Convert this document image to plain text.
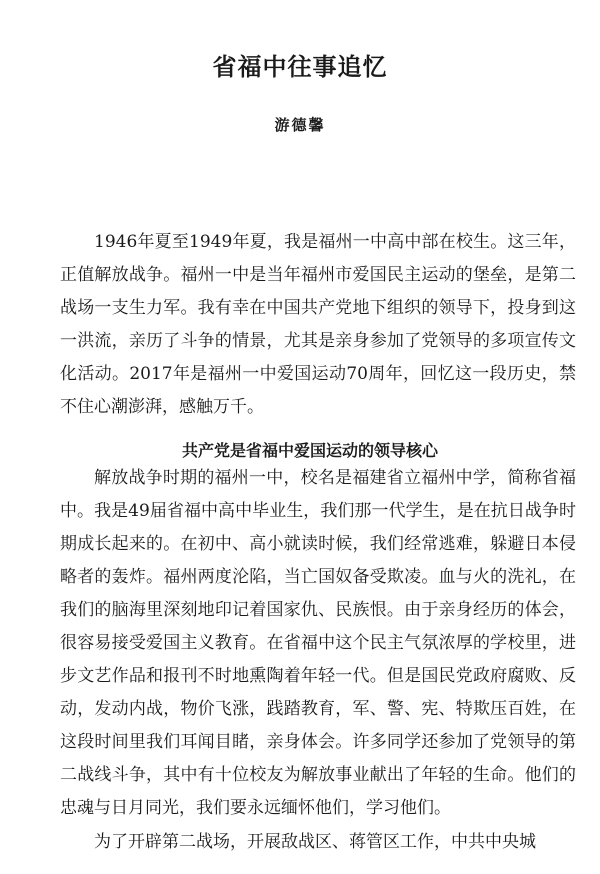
省福中往事追忆
游德馨

1946年夏至1949年夏，我是福州一中高中部在校生。这三年，正值解放战争。福州一中是当年福州市爱国民主运动的堡垒，是第二战场一支生力军。我有幸在中国共产党地下组织的领导下，投身到这一洪流，亲历了斗争的情景，尤其是亲身参加了党领导的多项宣传文化活动。2017年是福州一中爱国运动70周年，回忆这一段历史，禁不住心潮澎湃，感触万千。

共产党是省福中爱国运动的领导核心

解放战争时期的福州一中，校名是福建省立福州中学，简称省福中。我是49届省福中高中毕业生，我们那一代学生，是在抗日战争时期成长起来的。在初中、高小就读时候，我们经常逃难，躲避日本侵略者的轰炸。福州两度沦陷，当亡国奴备受欺凌。血与火的洗礼，在我们的脑海里深刻地印记着国家仇、民族恨。由于亲身经历的体会，很容易接受爱国主义教育。在省福中这个民主气氛浓厚的学校里，进步文艺作品和报刊不时地熏陶着年轻一代。但是国民党政府腐败、反动，发动内战，物价飞涨，践踏教育，军、警、宪、特欺压百姓，在这段时间里我们耳闻目睹，亲身体会。许多同学还参加了党领导的第二战线斗争，其中有十位校友为解放事业献出了年轻的生命。他们的忠魂与日月同光，我们要永远缅怀他们，学习他们。

为了开辟第二战场，开展敌战区、蒋管区工作，中共中央城
